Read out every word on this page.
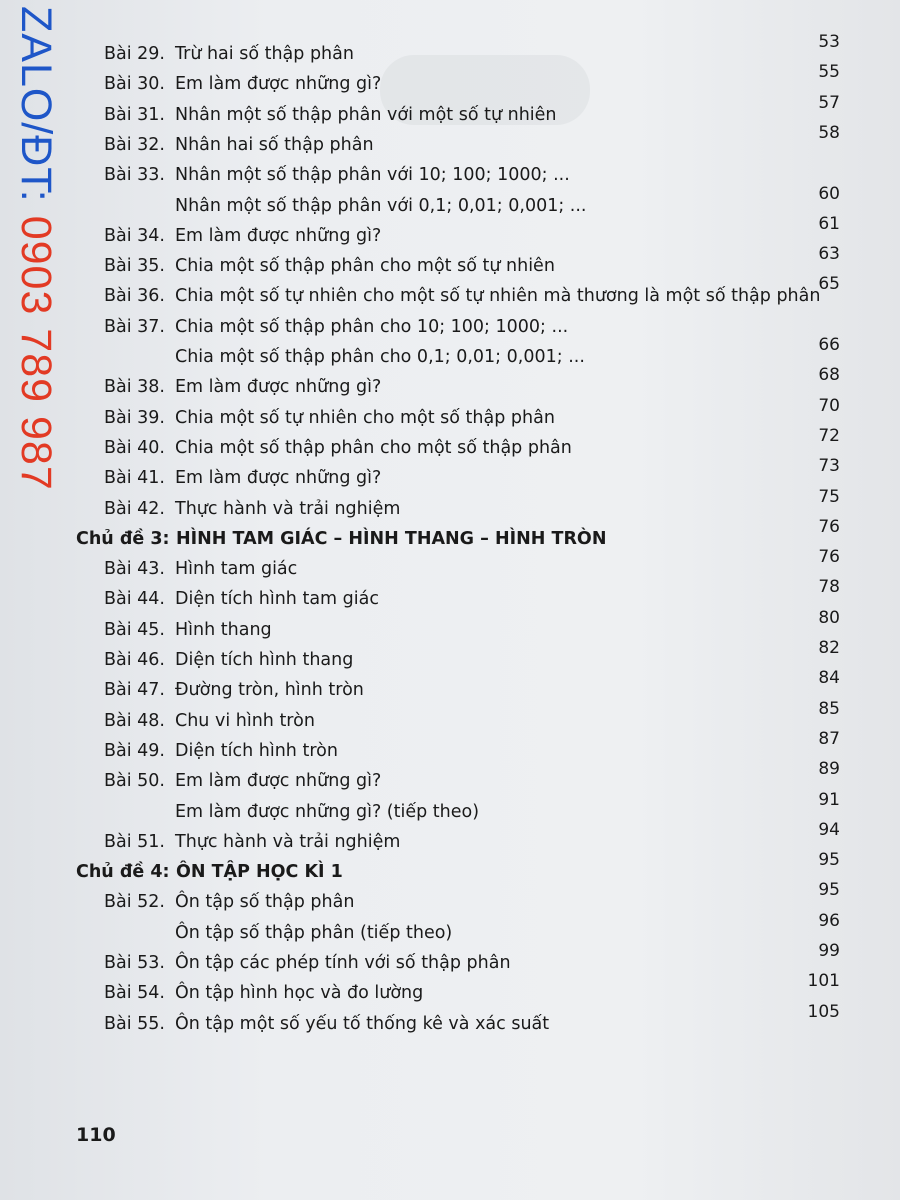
ZALO/ĐT: 0903 789 987
Bài 29. Trừ hai số thập phân
53
Bài 30. Em làm được những gì?
55
Bài 31. Nhân một số thập phân với một số tự nhiên
57
Bài 32. Nhân hai số thập phân
58
Bài 33. Nhân một số thập phân với 10; 100; 1000; ...
Nhân một số thập phân với 0,1; 0,01; 0,001; ...
60
Bài 34. Em làm được những gì?
61
Bài 35. Chia một số thập phân cho một số tự nhiên
63
Bài 36. Chia một số tự nhiên cho một số tự nhiên mà thương là một số thập phân
65
Bài 37. Chia một số thập phân cho 10; 100; 1000; ...
Chia một số thập phân cho 0,1; 0,01; 0,001; ...
66
Bài 38. Em làm được những gì?
68
Bài 39. Chia một số tự nhiên cho một số thập phân
70
Bài 40. Chia một số thập phân cho một số thập phân
72
Bài 41. Em làm được những gì?
73
Bài 42. Thực hành và trải nghiệm
75
Chủ đề 3: HÌNH TAM GIÁC – HÌNH THANG – HÌNH TRÒN
76
Bài 43. Hình tam giác
76
Bài 44. Diện tích hình tam giác
78
Bài 45. Hình thang
80
Bài 46. Diện tích hình thang
82
Bài 47. Đường tròn, hình tròn
84
Bài 48. Chu vi hình tròn
85
Bài 49. Diện tích hình tròn
87
Bài 50. Em làm được những gì?
89
Em làm được những gì? (tiếp theo)
91
Bài 51. Thực hành và trải nghiệm
94
Chủ đề 4: ÔN TẬP HỌC KÌ 1
95
Bài 52. Ôn tập số thập phân
95
Ôn tập số thập phân (tiếp theo)
96
Bài 53. Ôn tập các phép tính với số thập phân
99
Bài 54. Ôn tập hình học và đo lường
101
Bài 55. Ôn tập một số yếu tố thống kê và xác suất
105
110
